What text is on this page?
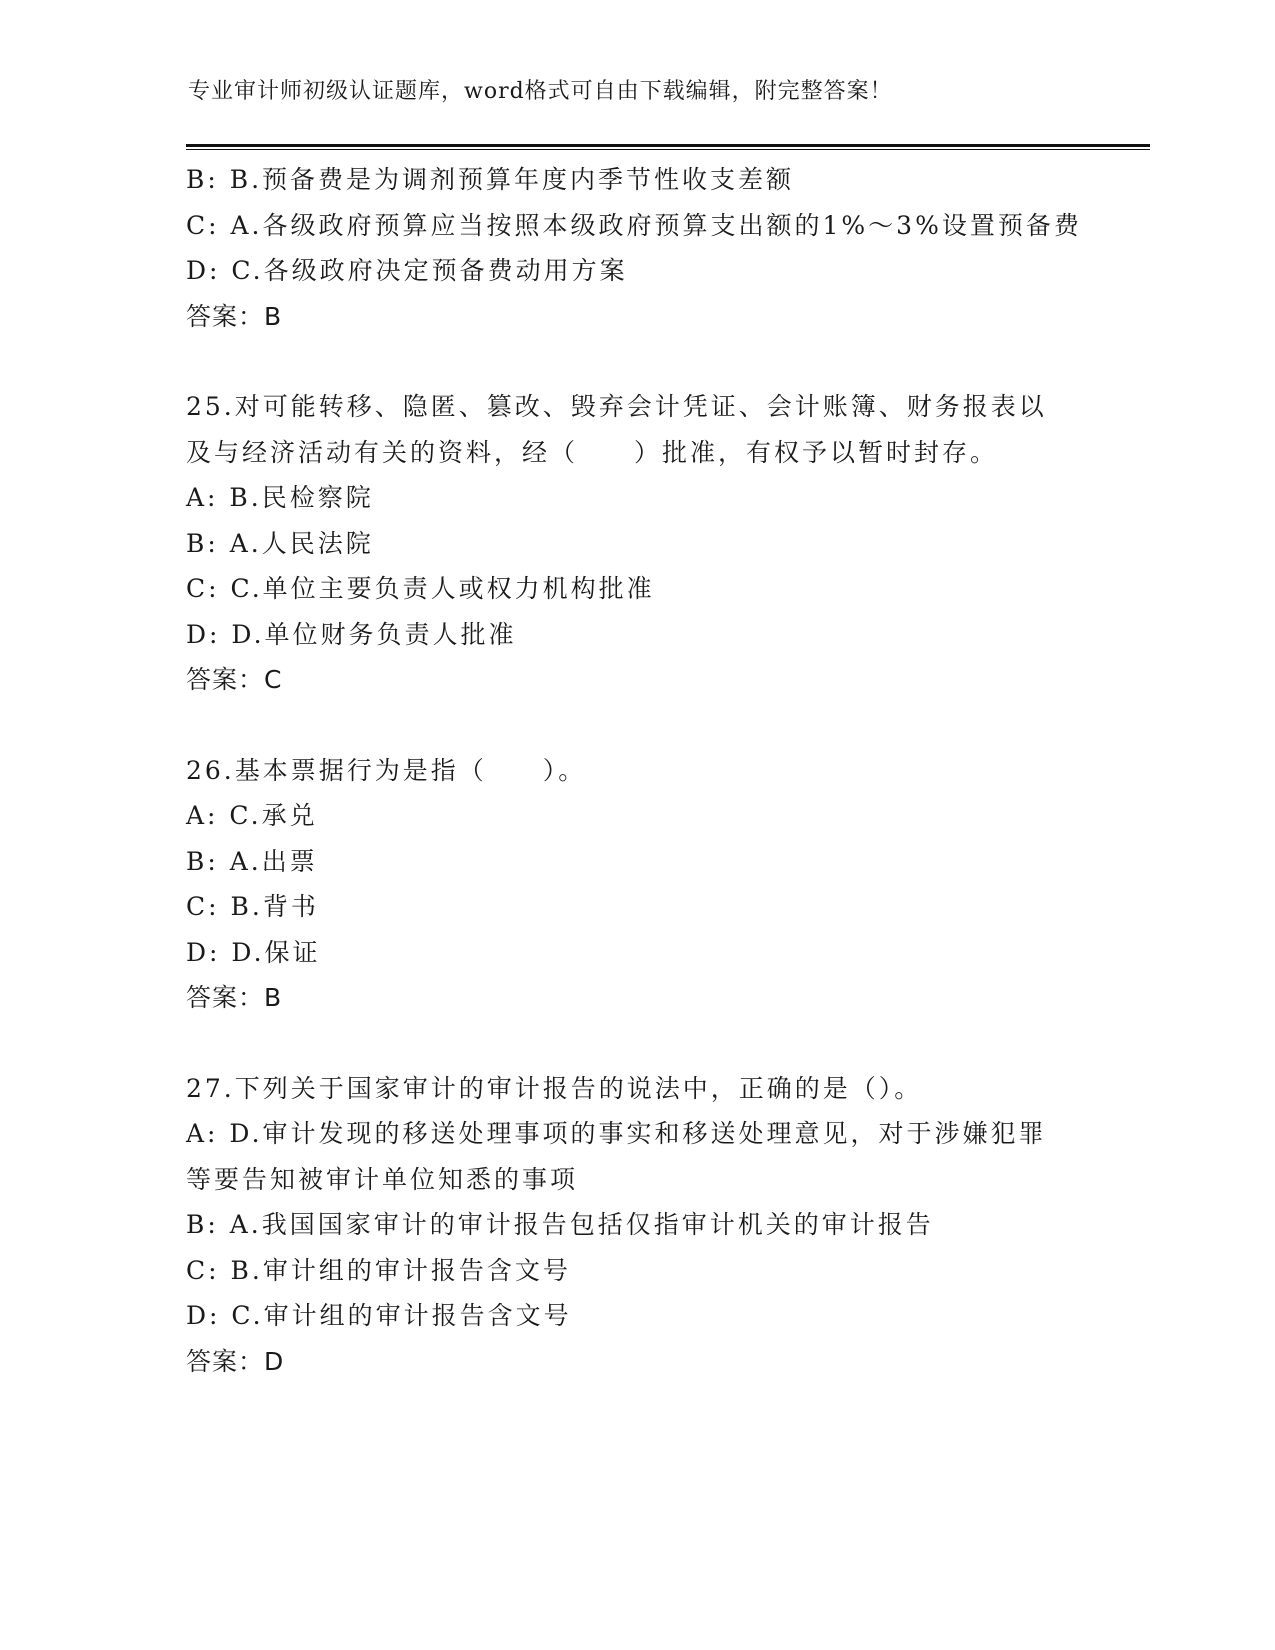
专业审计师初级认证题库，word格式可自由下载编辑，附完整答案！
B: B.预备费是为调剂预算年度内季节性收支差额
C: A.各级政府预算应当按照本级政府预算支出额的1%～3%设置预备费
D: C.各级政府决定预备费动用方案
答案：B
25.对可能转移、隐匿、篡改、毁弃会计凭证、会计账簿、财务报表以
及与经济活动有关的资料，经（　　）批准，有权予以暂时封存。
A: B.民检察院
B: A.人民法院
C: C.单位主要负责人或权力机构批准
D: D.单位财务负责人批准
答案：C
26.基本票据行为是指（　　）。
A: C.承兑
B: A.出票
C: B.背书
D: D.保证
答案：B
27.下列关于国家审计的审计报告的说法中，正确的是（）。
A: D.审计发现的移送处理事项的事实和移送处理意见，对于涉嫌犯罪
等要告知被审计单位知悉的事项
B: A.我国国家审计的审计报告包括仅指审计机关的审计报告
C: B.审计组的审计报告含文号
D: C.审计组的审计报告含文号
答案：D
